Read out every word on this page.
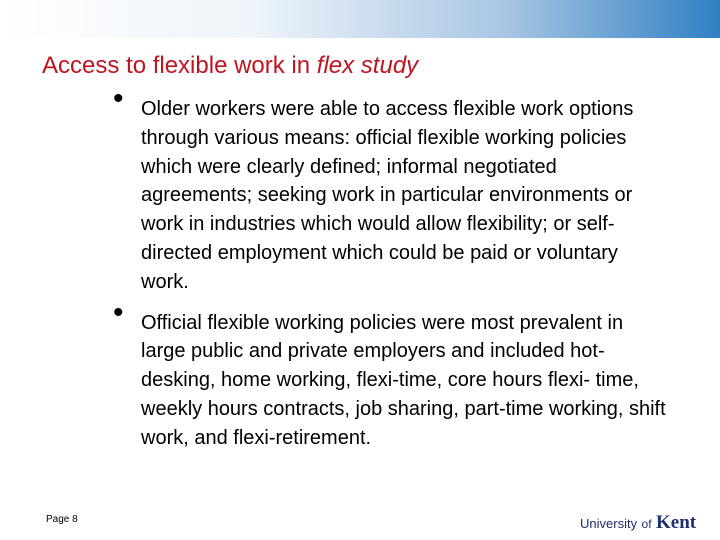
Access to flexible work in flex study
• Older workers were able to access flexible work options through various means: official flexible working policies which were clearly defined; informal negotiated agreements; seeking work in particular environments or work in industries which would allow flexibility; or self-directed employment which could be paid or voluntary work.
• Official flexible working policies were most prevalent in large public and private employers and included hot-desking, home working, flexi-time, core hours flexi- time, weekly hours contracts, job sharing, part-time working, shift work, and flexi-retirement.
Page 8	University of Kent
